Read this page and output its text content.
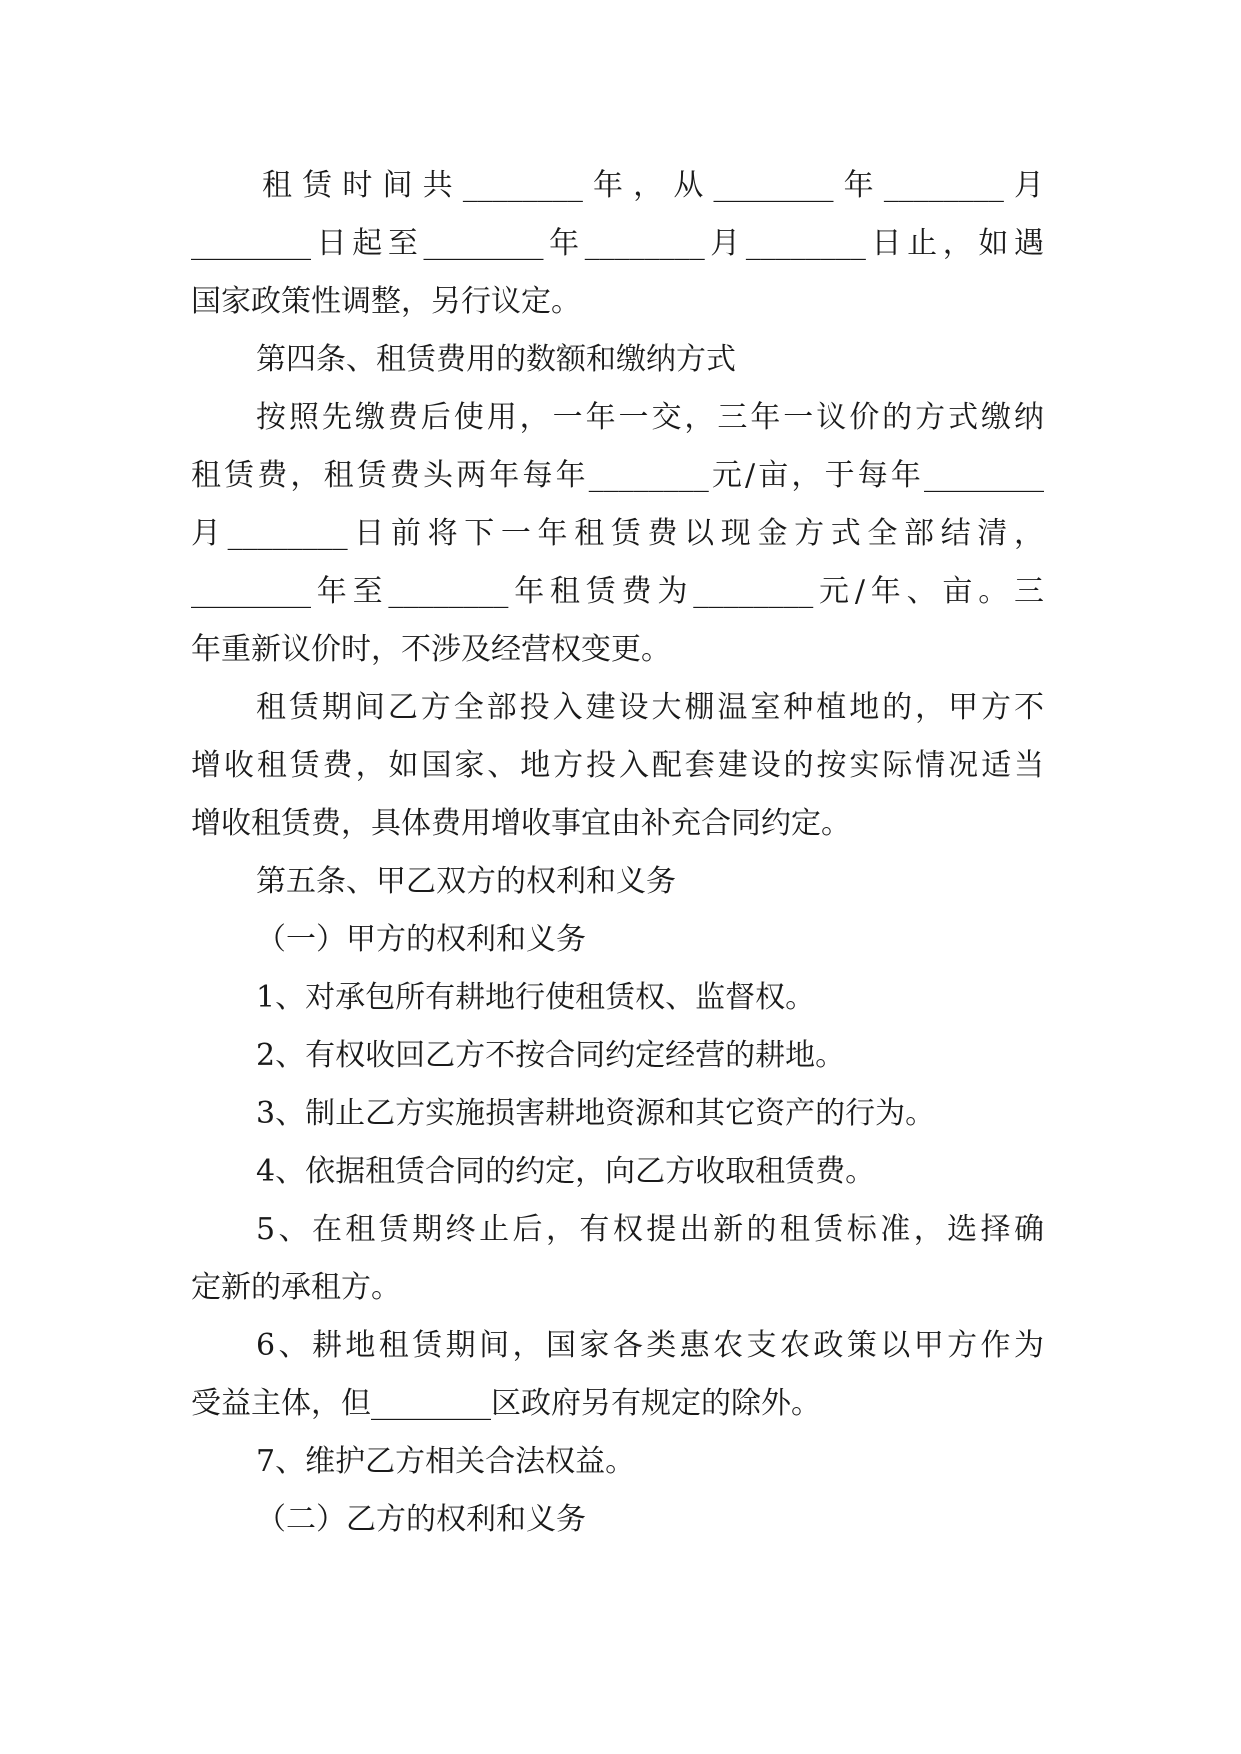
租赁时间共________年，从________年________月

________日起至________年________月________日止，如遇

国家政策性调整，另行议定。

第四条、租赁费用的数额和缴纳方式

按照先缴费后使用，一年一交，三年一议价的方式缴纳

租赁费，租赁费头两年每年________元/亩，于每年________

月________日前将下一年租赁费以现金方式全部结清，

________年至________年租赁费为________元/年、亩。三

年重新议价时，不涉及经营权变更。

租赁期间乙方全部投入建设大棚温室种植地的，甲方不

增收租赁费，如国家、地方投入配套建设的按实际情况适当

增收租赁费，具体费用增收事宜由补充合同约定。

第五条、甲乙双方的权利和义务

（一）甲方的权利和义务

1、对承包所有耕地行使租赁权、监督权。

2、有权收回乙方不按合同约定经营的耕地。

3、制止乙方实施损害耕地资源和其它资产的行为。

4、依据租赁合同的约定，向乙方收取租赁费。

5、在租赁期终止后，有权提出新的租赁标准，选择确

定新的承租方。

6、耕地租赁期间，国家各类惠农支农政策以甲方作为

受益主体，但________区政府另有规定的除外。

7、维护乙方相关合法权益。

（二）乙方的权利和义务
